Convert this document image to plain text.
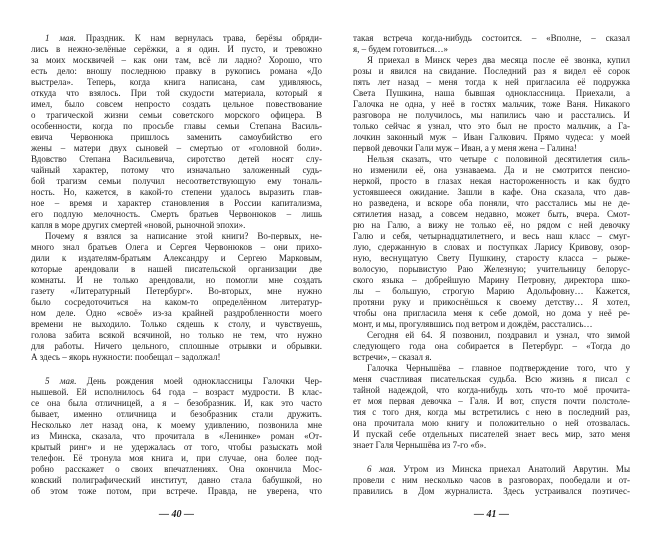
1 мая. Праздник. К нам вернулась трава, берёзы обряди-
лись в нежно-зелёные серёжки, а я один. И пусто, и тревожно
за моих москвичей – как они там, всё ли ладно? Хорошо, что
есть дело: вношу последнюю правку в рукопись романа «До
выстрела». Теперь, когда книга написана, сам удивляюсь,
откуда что взялось. При той скудости материала, который я
имел, было совсем непросто создать цельное повествование
о трагической жизни семьи советского морского офицера. В
особенности, когда по просьбе главы семьи Степана Василь-
евича Червонюка пришлось заменить самоубийство его
жены – матери двух сыновей – смертью от «головной боли».
Вдовство Степана Васильевича, сиротство детей носят слу-
чайный характер, потому что изначально заложенный судь-
бой трагизм семьи получил несоответствующую ему тональ-
ность. Но, кажется, в какой-то степени удалось выразить глав-
ное – время и характер становления в России капитализма,
его подлую мелочность. Смерть братьев Червонюков – лишь
капля в море других смертей «новой, рыночной эпохи».
Почему я взялся за написание этой книги? Во-первых, не-
много знал братьев Олега и Сергея Червонюков – они прихо-
дили к издателям-братьям Александру и Сергею Марковым,
которые арендовали в нашей писательской организации две
комнаты. И не только арендовали, но помогли мне создать
газету «Литературный Петербург». Во-вторых, мне нужно
было сосредоточиться на каком-то определённом литератур-
ном деле. Одно «своё» из-за крайней раздробленности моего
времени не выходило. Только сядешь к столу, и чувствуешь,
голова забита всякой всячиной, но только не тем, что нужно
для работы. Ничего цельного, сплошные отрывки и обрывки.
А здесь – якорь нужности: пообещал – задолжал!
5 мая. День рождения моей одноклассницы Галочки Чер-
нышевой. Ей исполнилось 64 года – возраст мудрости. В клас-
се она была отличницей, а я – безобразник. И, как это часто
бывает, именно отличница и безобразник стали дружить.
Несколько лет назад она, к моему удивлению, позвонила мне
из Минска, сказала, что прочитала в «Ленинке» роман «От-
крытый ринг» и не удержалась от того, чтобы разыскать мой
телефон. Её тронула моя книга и, при случае, она более под-
робно расскажет о своих впечатлениях. Она окончила Мос-
ковский полиграфический институт, давно стала бабушкой, но
об этом тоже потом, при встрече. Правда, не уверена, что
— 40 —
такая встреча когда-нибудь состоится. – «Вполне, – сказал
я, – будем готовиться…»
Я приехал в Минск через два месяца после её звонка, купил
розы и явился на свидание. Последний раз я видел её сорок
пять лет назад – меня тогда к ней пригласила её подружка
Света Пушкина, наша бывшая одноклассница. Приехали, а
Галочка не одна, у неё в гостях мальчик, тоже Ваня. Никакого
разговора не получилось, мы напились чаю и расстались. И
только сейчас я узнал, что это был не просто мальчик, а Га-
лочкин законный муж – Иван Галкович. Прямо чудеса: у моей
первой девочки Гали муж – Иван, а у меня жена – Галина!
Нельзя сказать, что четыре с половиной десятилетия силь-
но изменили её, она узнаваема. Да и не смотрится пенсио-
неркой, просто в глазах некая настороженность и как будто
устоявшееся ожидание. Зашли в кафе. Она сказала, что дав-
но разведена, и вскоре оба поняли, что расстались мы не де-
сятилетия назад, а совсем недавно, может быть, вчера. Смот-
рю на Галю, а вижу не только её, но рядом с ней девочку
Галю и себя, четырнадцатилетнего, и весь наш класс – смуг-
лую, сдержанную в словах и поступках Ларису Кривову, озор-
ную, веснущатую Свету Пушкину, старосту класса – рыже-
волосую, порывистую Раю Железную; учительницу белорус-
ского языка – добрейшую Марину Петровну, директора шко-
лы – большую, строгую Марию Адольфовну… Кажется,
протяни руку и прикоснёшься к своему детству… Я хотел,
чтобы она пригласила меня к себе домой, но дома у неё ре-
монт, и мы, прогулявшись под ветром и дождём, расстались…
Сегодня ей 64. Я позвонил, поздравил и узнал, что зимой
следующего года она собирается в Петербург. – «Тогда до
встречи», – сказал я.
Галочка Чернышёва – главное подтверждение того, что у
меня счастливая писательская судьба. Всю жизнь я писал с
тайной надеждой, что когда-нибудь хоть что-то моё прочита-
ет моя первая девочка – Галя. И вот, спустя почти полстоле-
тия с того дня, когда мы встретились с нею в последний раз,
она прочитала мою книгу и положительно о ней отозвалась.
И пускай себе отдельных писателей знает весь мир, зато меня
знает Галя Чернышёва из 7-го «б».
6 мая. Утром из Минска приехал Анатолий Аврутин. Мы
провели с ним несколько часов в разговорах, пообедали и от-
правились в Дом журналиста. Здесь устраивался поэтичес-
— 41 —
